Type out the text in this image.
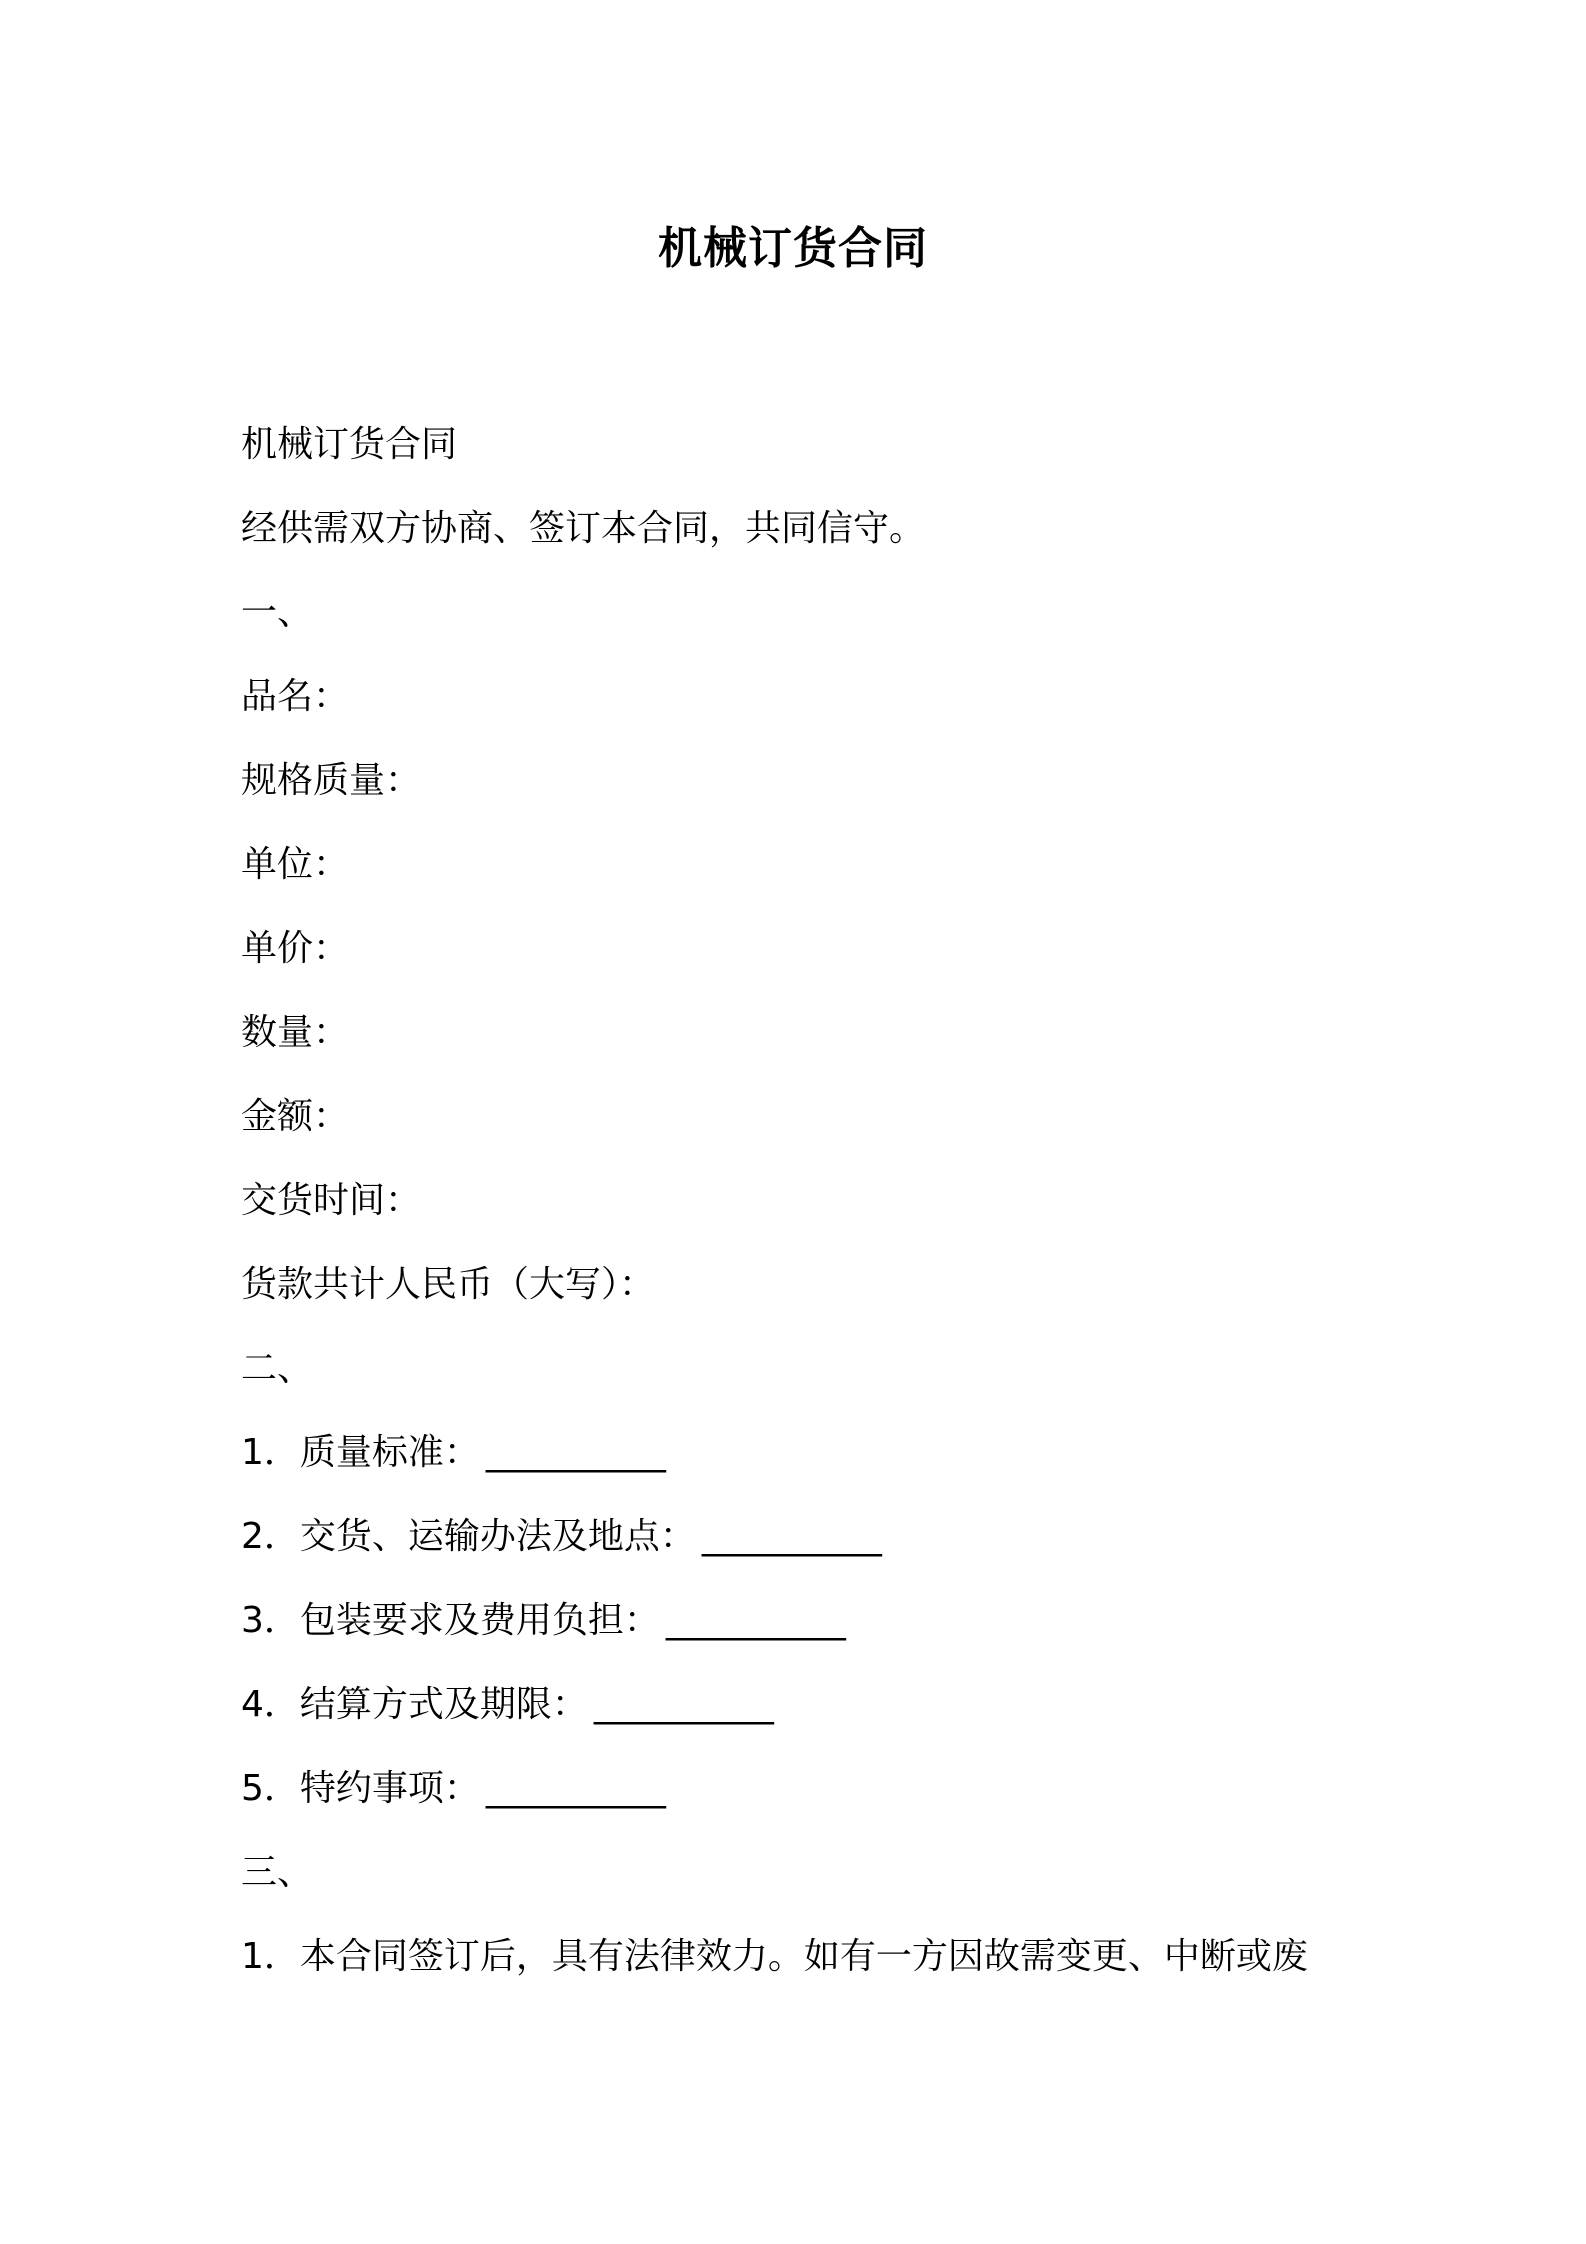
机械订货合同
机械订货合同
经供需双方协商、签订本合同，共同信守。
一、
品名：
规格质量：
单位：
单价：
数量：
金额：
交货时间：
货款共计人民币（大写）：
二、
1．质量标准： __________
2．交货、运输办法及地点： __________
3．包装要求及费用负担： __________
4．结算方式及期限： __________
5．特约事项： __________
三、
1．本合同签订后，具有法律效力。如有一方因故需变更、中断或废
